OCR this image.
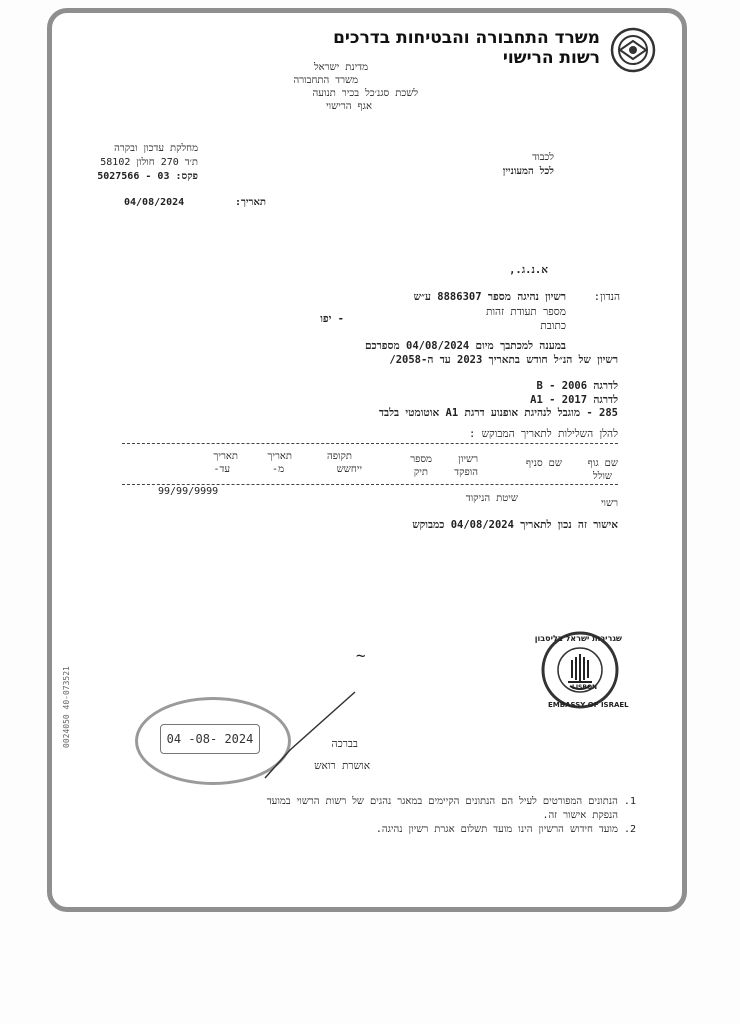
משרד התחבורה והבטיחות בדרכים
רשות הרישוי
מדינת ישראל
משרד התחבורה
לשכת סגנ׳כל בכיר תנועה
אגף הרישוי
מחלקת עדכון ובקרה
ת׳ד 270 חולון 58102
פקס: 03 - 5027566
תאריך:
04/08/2024
לכבוד
לכל המעוניין
א.נ.ג.,
הנדון:
רשיון נהיגה מספר 8886307 ע״ש
מספר תעודת זהות
כתובת
- יפו
במענה למכתבך מיום 04/08/2024 מספרכם
רשיון של הנ״ל חודש בתאריך 2023 עד ה-2058/
לדרגה B - 2006
לדרגה A1 - 2017
285 - מוגבל לנהיגת אופנוע דרגת A1 אוטומטי בלבד
להלן השלילות לתאריך המבוקש :
שם גוף
שם סניף
רשיון
מספר
תקופה
תאריך
תאריך
שולל
הופקד
תיק
ייחשש
מ-
עד-
רשוי
שיטת הניקוד
99/99/9999
אישור זה נכון לתאריך 04/08/2024 כמבוקש
שגרירות ישראל בליסבון
EMBASSY OF ISRAEL
LISBON
~
04 -08- 2024	בברכה
אושרת רואש
1. הנתונים המפורטים לעיל הם הנתונים הקיימים במאגר נהגים של רשות הרשוי במועד
הנפקת אישור זה.
2. מועד חידוש הרשיון הינו מועד תשלום אגרת רשיון נהיגה.
0024050 40-073521
